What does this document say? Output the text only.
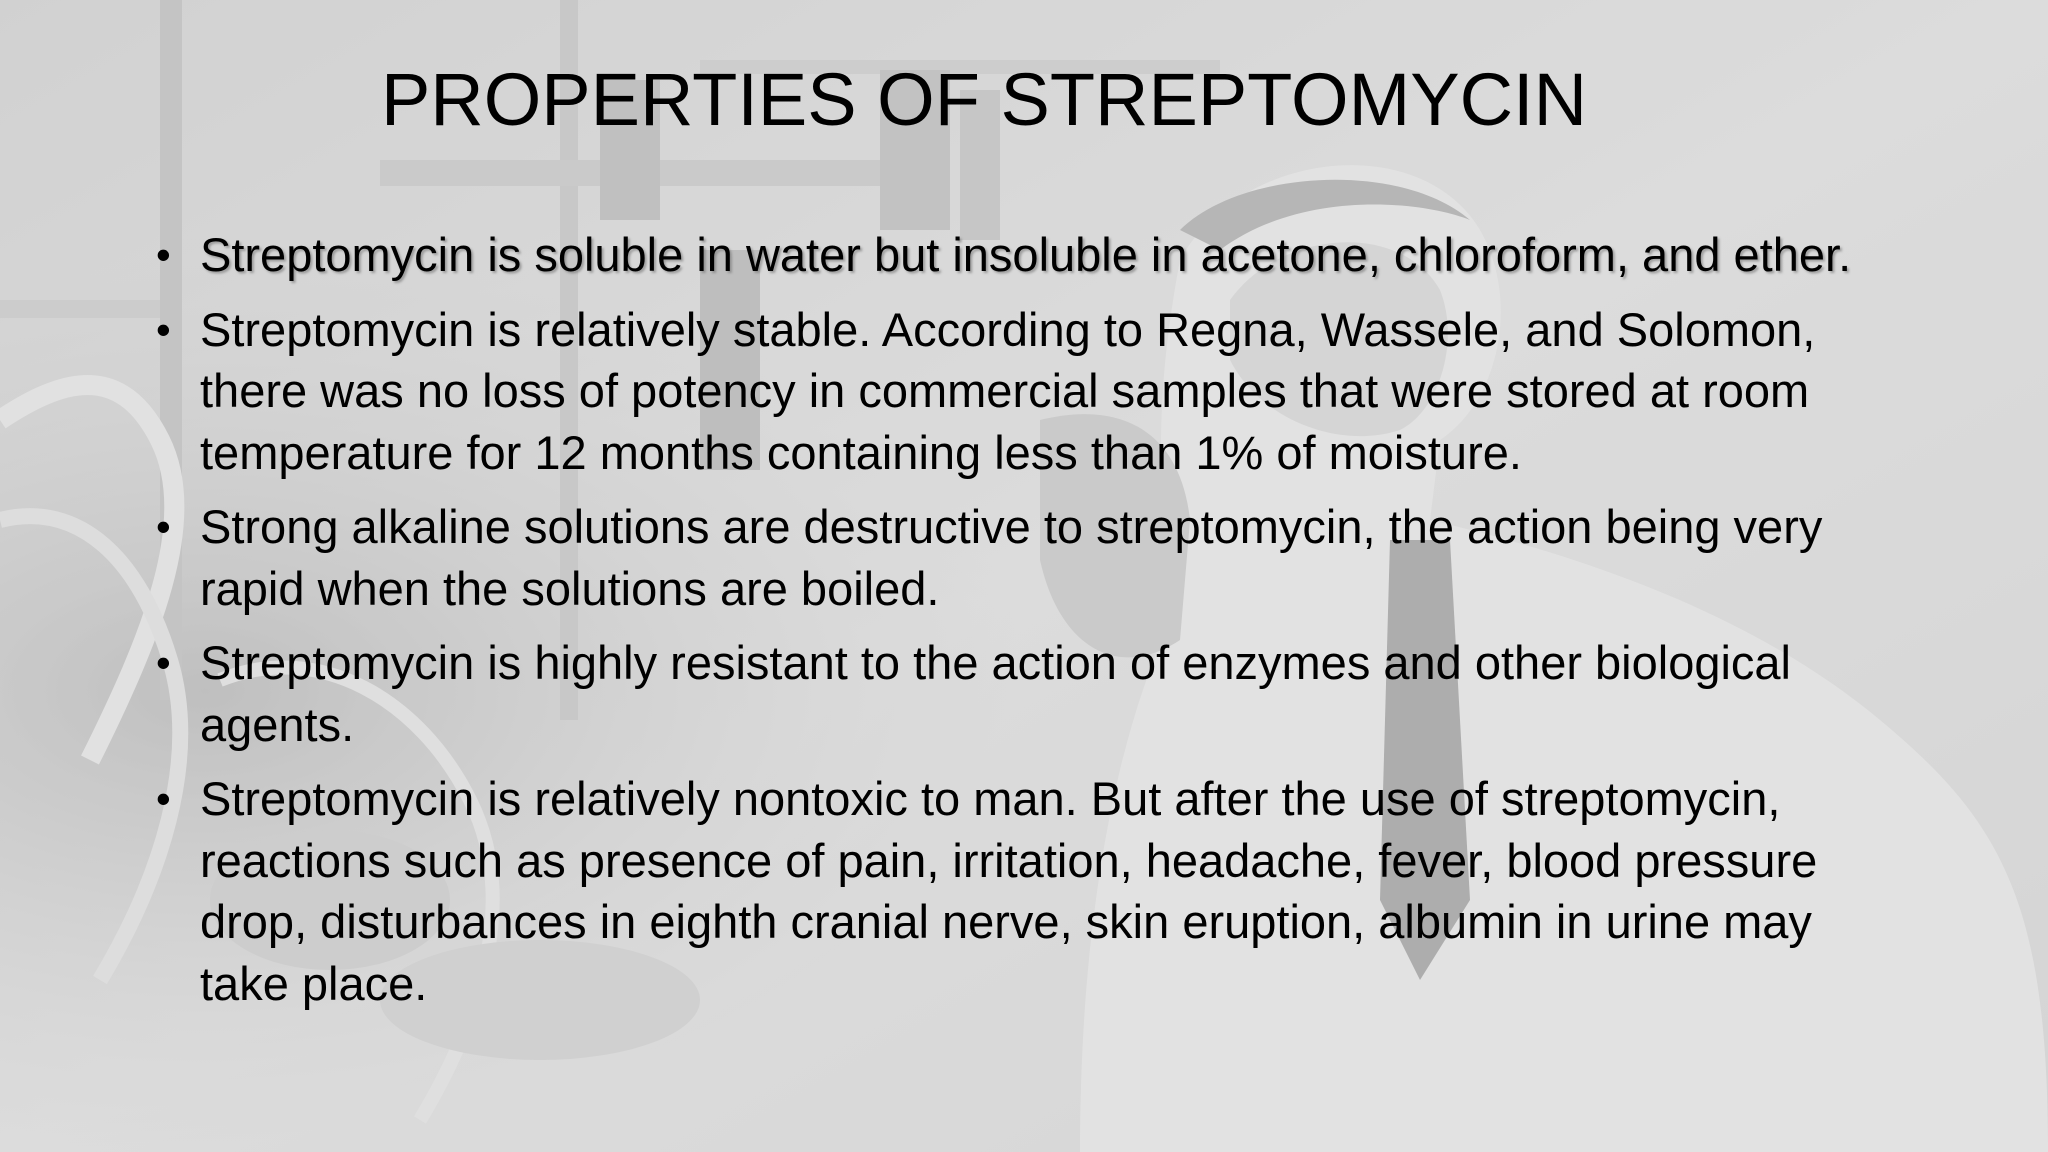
PROPERTIES OF STREPTOMYCIN
• Streptomycin is soluble in water but insoluble in acetone, chloroform, and ether.
• Streptomycin is relatively stable. According to Regna, Wassele, and Solomon, there was no loss of potency in commercial samples that were stored at room temperature for 12 months containing less than 1% of moisture.
• Strong alkaline solutions are destructive to streptomycin, the action being very rapid when the solutions are boiled.
• Streptomycin is highly resistant to the action of enzymes and other biological agents.
• Streptomycin is relatively nontoxic to man. But after the use of streptomycin, reactions such as presence of pain, irritation, headache, fever, blood pressure drop, disturbances in eighth cranial nerve, skin eruption, albumin in urine may take place.
